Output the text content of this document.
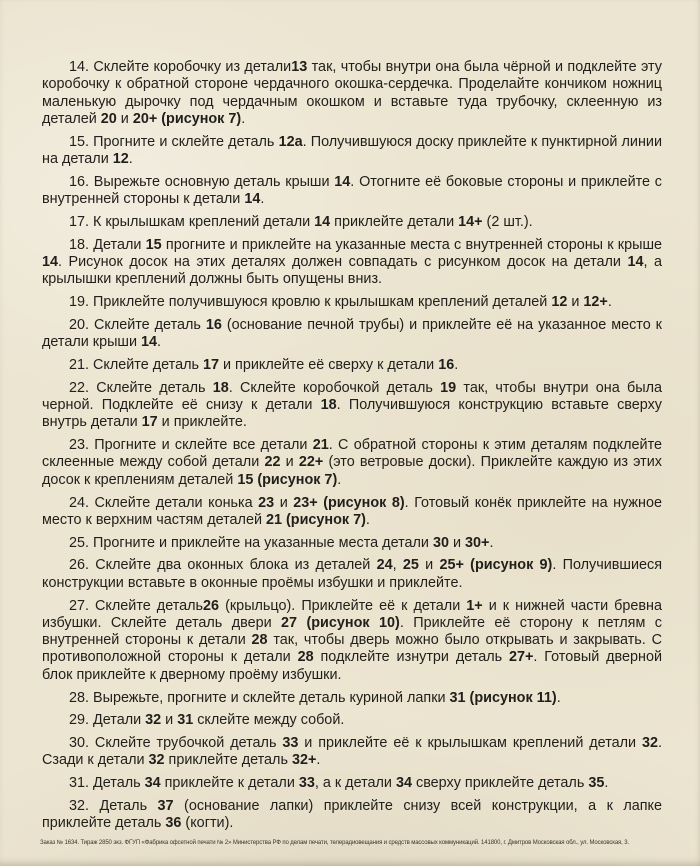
14. Склейте коробочку из детали13 так, чтобы внутри она была чёрной и подклейте эту коробочку к обратной стороне чердачного окошка-сердечка. Проделайте кончиком ножниц маленькую дырочку под чердачным окошком и вставьте туда трубочку, склеенную из деталей 20 и 20+ (рисунок 7).

15. Прогните и склейте деталь 12а. Получившуюся доску приклейте к пунктирной линии на детали 12.

16. Вырежьте основную деталь крыши 14. Отогните её боковые стороны и приклейте с внутренней стороны к детали 14.

17. К крылышкам креплений детали 14 приклейте детали 14+ (2 шт.).

18. Детали 15 прогните и приклейте на указанные места с внутренней стороны к крыше 14. Рисунок досок на этих деталях должен совпадать с рисунком досок на детали 14, а крылышки креплений должны быть опущены вниз.

19. Приклейте получившуюся кровлю к крылышкам креплений деталей 12 и 12+.

20. Склейте деталь 16 (основание печной трубы) и приклейте её на указанное место к детали крыши 14.

21. Склейте деталь 17 и приклейте её сверху к детали 16.

22. Склейте деталь 18. Склейте коробочкой деталь 19 так, чтобы внутри она была черной. Подклейте её снизу к детали 18. Получившуюся конструкцию вставьте сверху внутрь детали 17 и приклейте.

23. Прогните и склейте все детали 21. С обратной стороны к этим деталям подклейте склеенные между собой детали 22 и 22+ (это ветровые доски). Приклейте каждую из этих досок к креплениям деталей 15 (рисунок 7).

24. Склейте детали конька 23 и 23+ (рисунок 8). Готовый конёк приклейте на нужное место к верхним частям деталей 21 (рисунок 7).

25. Прогните и приклейте на указанные места детали 30 и 30+.

26. Склейте два оконных блока из деталей 24, 25 и 25+ (рисунок 9). Получившиеся конструкции вставьте в оконные проёмы избушки и приклейте.

27. Склейте деталь26 (крыльцо). Приклейте её к детали 1+ и к нижней части бревна избушки. Склейте деталь двери 27 (рисунок 10). Приклейте её сторону к петлям с внутренней стороны к детали 28 так, чтобы дверь можно было открывать и закрывать. С противоположной стороны к детали 28 подклейте изнутри деталь 27+. Готовый дверной блок приклейте к дверному проёму избушки.

28. Вырежьте, прогните и склейте деталь куриной лапки 31 (рисунок 11).

29. Детали 32 и 31 склейте между собой.

30. Склейте трубочкой деталь 33 и приклейте её к крылышкам креплений детали 32. Сзади к детали 32 приклейте деталь 32+.

31. Деталь 34 приклейте к детали 33, а к детали 34 сверху приклейте деталь 35.

32. Деталь 37 (основание лапки) приклейте снизу всей конструкции, а к лапке приклейте деталь 36 (когти).

Заказ № 1634. Тираж 2850 экз. ФГУП «Фабрика офсетной печати № 2» Министерства РФ по делам печати, телерадиовещания и средств массовых коммуникаций. 141800, г. Дмитров Московская обл., ул. Московская, 3.
